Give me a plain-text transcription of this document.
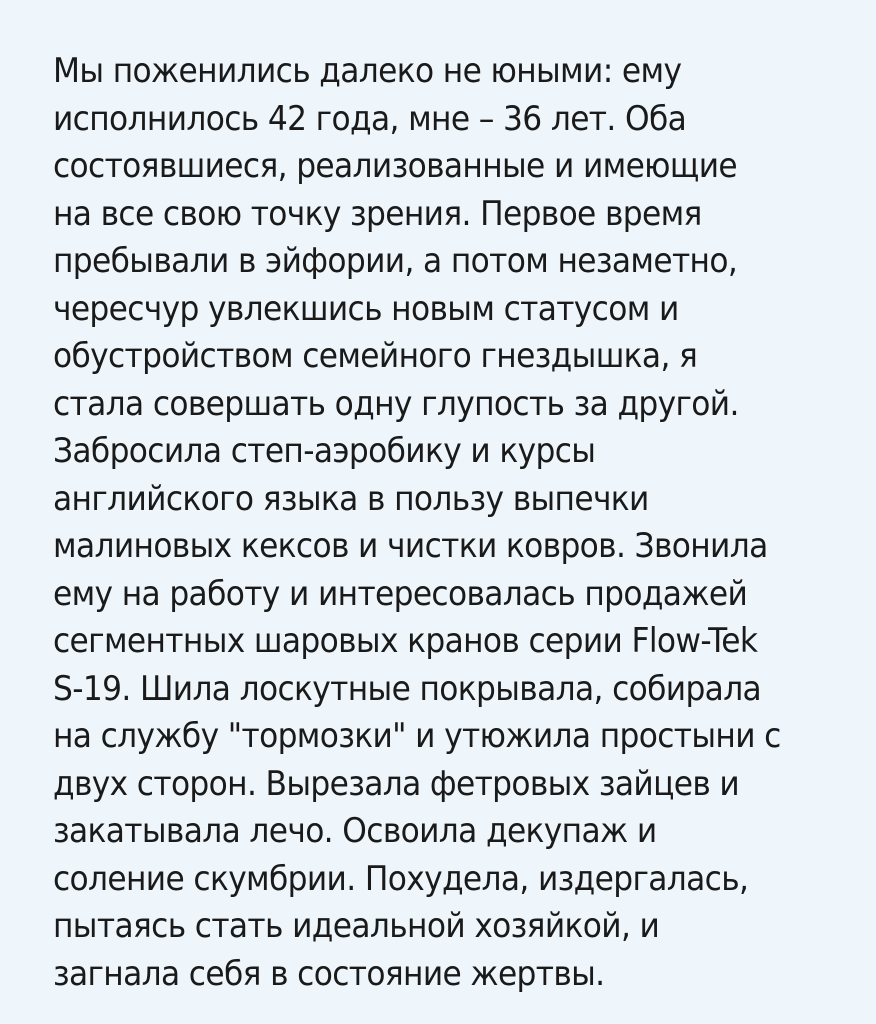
Мы поженились далеко не юными: ему
исполнилось 42 года, мне – 36 лет. Оба
состоявшиеся, реализованные и имеющие
на все свою точку зрения. Первое время
пребывали в эйфории, а потом незаметно,
чересчур увлекшись новым статусом и
обустройством семейного гнездышка, я
стала совершать одну глупость за другой.
Забросила степ-аэробику и курсы
английского языка в пользу выпечки
малиновых кексов и чистки ковров. Звонила
ему на работу и интересовалась продажей
сегментных шаровых кранов серии Flow-Tek
S-19. Шила лоскутные покрывала, собирала
на службу "тормозки" и утюжила простыни с
двух сторон. Вырезала фетровых зайцев и
закатывала лечо. Освоила декупаж и
соление скумбрии. Похудела, издергалась,
пытаясь стать идеальной хозяйкой, и
загнала себя в состояние жертвы.
